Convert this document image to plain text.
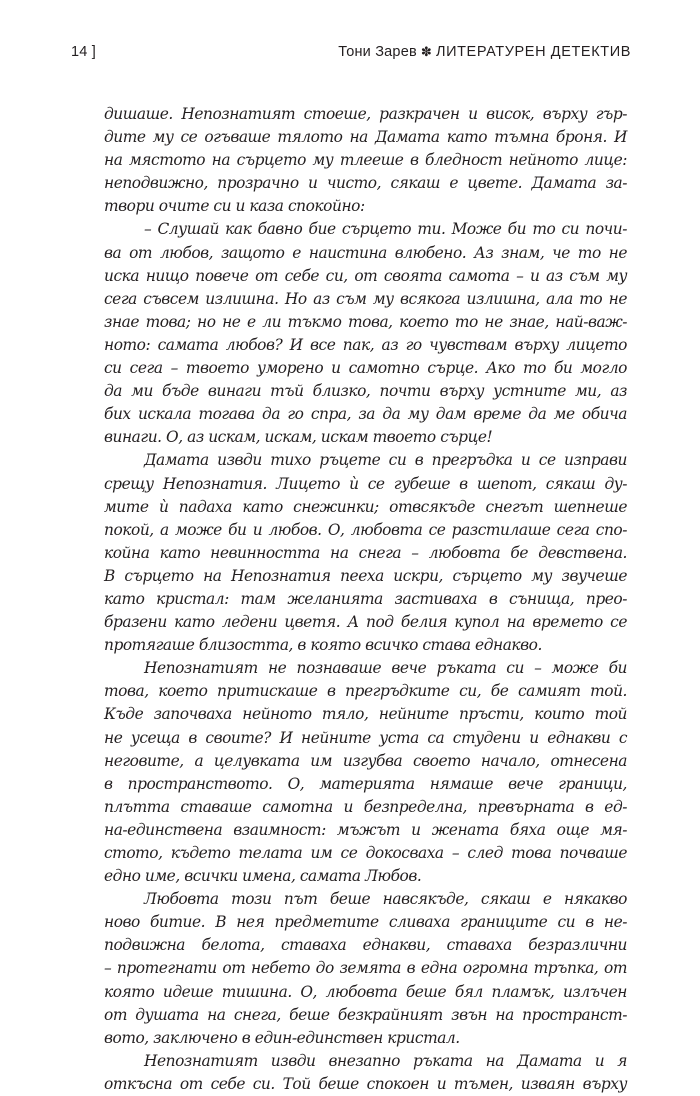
14 ]	Тони Зарев ✽ ЛИТЕРАТУРЕН ДЕТЕКТИВ
дишаше. Непознатият стоеше, разкрачен и висок, върху гър-
дите му се огъваше тялото на Дамата като тъмна броня. И
на мястото на сърцето му тлееше в бледност нейното лице:
неподвижно, прозрачно и чисто, сякаш е цвете. Дамата за-
твори очите си и каза спокойно:
– Слушай как бавно бие сърцето ти. Може би то си почи-
ва от любов, защото е наистина влюбено. Аз знам, че то не
иска нищо повече от себе си, от своята самота – и аз съм му
сега съвсем излишна. Но аз съм му всякога излишна, ала то не
знае това; но не е ли тъкмо това, което то не знае, най-важ-
ното: самата любов? И все пак, аз го чувствам върху лицето
си сега – твоето уморено и самотно сърце. Ако то би могло
да ми бъде винаги тъй близко, почти върху устните ми, аз
бих искала тогава да го спра, за да му дам време да ме обича
винаги. О, аз искам, искам, искам твоето сърце!
Дамата извди тихо ръцете си в прегръдка и се изправи
срещу Непознатия. Лицето ѝ се губеше в шепот, сякаш ду-
мите ѝ падаха като снежинки; отвсякъде снегът шепнеше
покой, а може би и любов. О, любовта се разстилаше сега спо-
койна като невинността на снега – любовта бе девствена.
В сърцето на Непознатия пееха искри, сърцето му звучеше
като кристал: там желанията застиваха в сънища, прео-
бразени като ледени цветя. А под белия купол на времето се
протягаше близостта, в която всичко става еднакво.
Непознатият не познаваше вече ръката си – може би
това, което притискаше в прегръдките си, бе самият той.
Къде започваха нейното тяло, нейните пръсти, които той
не усеща в своите? И нейните уста са студени и еднакви с
неговите, а целувката им изгубва своето начало, отнесена
в пространството. О, материята нямаше вече граници,
плътта ставаше самотна и безпределна, превърната в ед-
на-единствена взаимност: мъжът и жената бяха още мя-
стото, където телата им се докосваха – след това почваше
едно име, всички имена, самата Любов.
Любовта този път беше навсякъде, сякаш е някакво
ново битие. В нея предметите сливаха границите си в не-
подвижна белота, ставаха еднакви, ставаха безразлични
– протегнати от небето до земята в една огромна тръпка, от
която идеше тишина. О, любовта беше бял пламък, излъчен
от душата на снега, беше безкрайният звън на пространст-
вото, заключено в един-единствен кристал.
Непознатият извди внезапно ръката на Дамата и я
откъсна от себе си. Той беше спокоен и тъмен, изваян върху
